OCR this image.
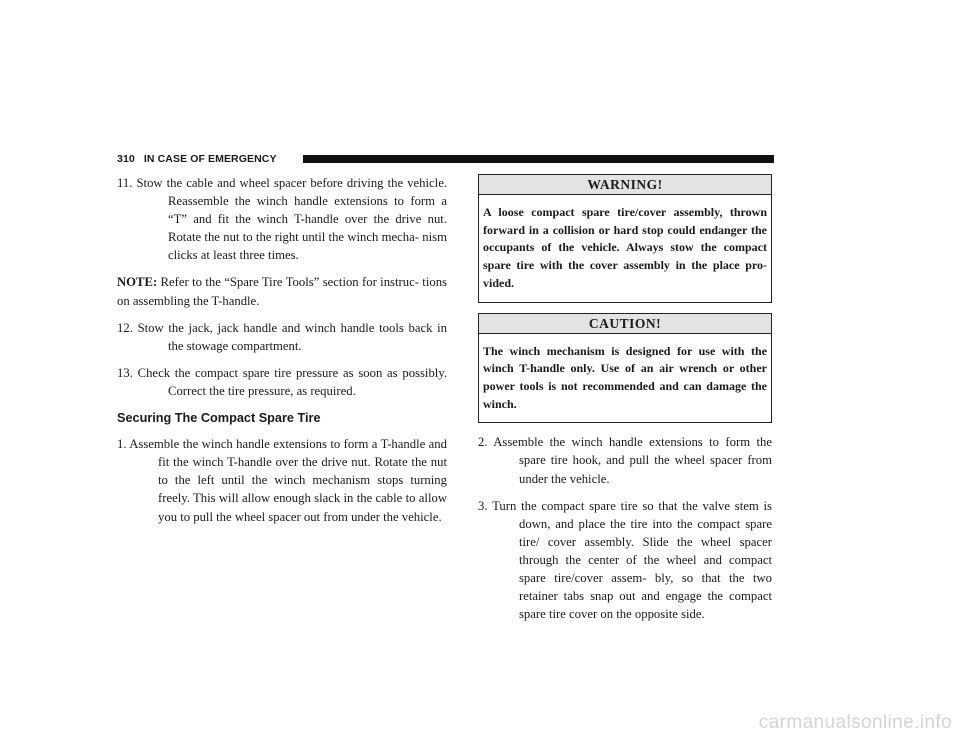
310 IN CASE OF EMERGENCY

11. Stow the cable and wheel spacer before driving the vehicle. Reassemble the winch handle extensions to form a “T” and fit the winch T-handle over the drive nut. Rotate the nut to the right until the winch mecha- nism clicks at least three times.

NOTE: Refer to the “Spare Tire Tools” section for instruc- tions on assembling the T-handle.

12. Stow the jack, jack handle and winch handle tools back in the stowage compartment.

13. Check the compact spare tire pressure as soon as possibly. Correct the tire pressure, as required.

Securing The Compact Spare Tire

1. Assemble the winch handle extensions to form a T-handle and fit the winch T-handle over the drive nut. Rotate the nut to the left until the winch mechanism stops turning freely. This will allow enough slack in the cable to allow you to pull the wheel spacer out from under the vehicle.

WARNING!
A loose compact spare tire/cover assembly, thrown forward in a collision or hard stop could endanger the occupants of the vehicle. Always stow the compact spare tire with the cover assembly in the place pro- vided.
CAUTION!
The winch mechanism is designed for use with the winch T-handle only. Use of an air wrench or other power tools is not recommended and can damage the winch.

2. Assemble the winch handle extensions to form the spare tire hook, and pull the wheel spacer from under the vehicle.

3. Turn the compact spare tire so that the valve stem is down, and place the tire into the compact spare tire/ cover assembly. Slide the wheel spacer through the center of the wheel and compact spare tire/cover assem- bly, so that the two retainer tabs snap out and engage the compact spare tire cover on the opposite side.

carmanualsonline.info
